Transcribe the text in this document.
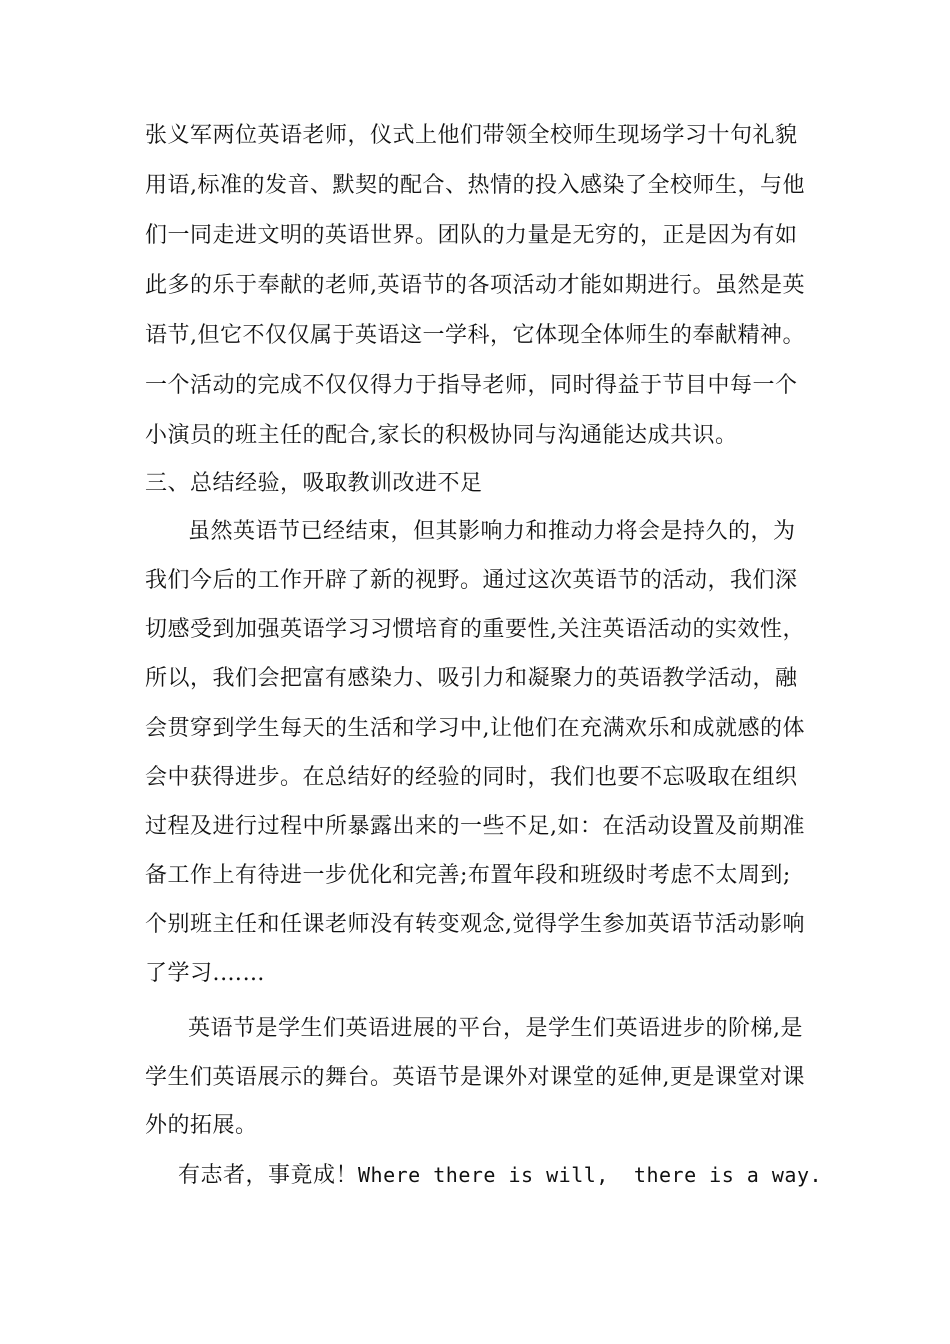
张义军两位英语老师，仪式上他们带领全校师生现场学习十句礼貌
用语,标准的发音、默契的配合、热情的投入感染了全校师生，与他
们一同走进文明的英语世界。团队的力量是无穷的，正是因为有如
此多的乐于奉献的老师,英语节的各项活动才能如期进行。虽然是英
语节,但它不仅仅属于英语这一学科，它体现全体师生的奉献精神。
一个活动的完成不仅仅得力于指导老师，同时得益于节目中每一个
小演员的班主任的配合,家长的积极协同与沟通能达成共识。
三、总结经验，吸取教训改进不足
虽然英语节已经结束，但其影响力和推动力将会是持久的，为
我们今后的工作开辟了新的视野。通过这次英语节的活动，我们深
切感受到加强英语学习习惯培育的重要性,关注英语活动的实效性，
所以，我们会把富有感染力、吸引力和凝聚力的英语教学活动，融
会贯穿到学生每天的生活和学习中,让他们在充满欢乐和成就感的体
会中获得进步。在总结好的经验的同时，我们也要不忘吸取在组织
过程及进行过程中所暴露出来的一些不足,如：在活动设置及前期准
备工作上有待进一步优化和完善;布置年段和班级时考虑不太周到;
个别班主任和任课老师没有转变观念,觉得学生参加英语节活动影响
了学习.……
英语节是学生们英语进展的平台，是学生们英语进步的阶梯,是
学生们英语展示的舞台。英语节是课外对课堂的延伸,更是课堂对课
外的拓展。
有志者，事竟成！Where there is will,  there is a way.
